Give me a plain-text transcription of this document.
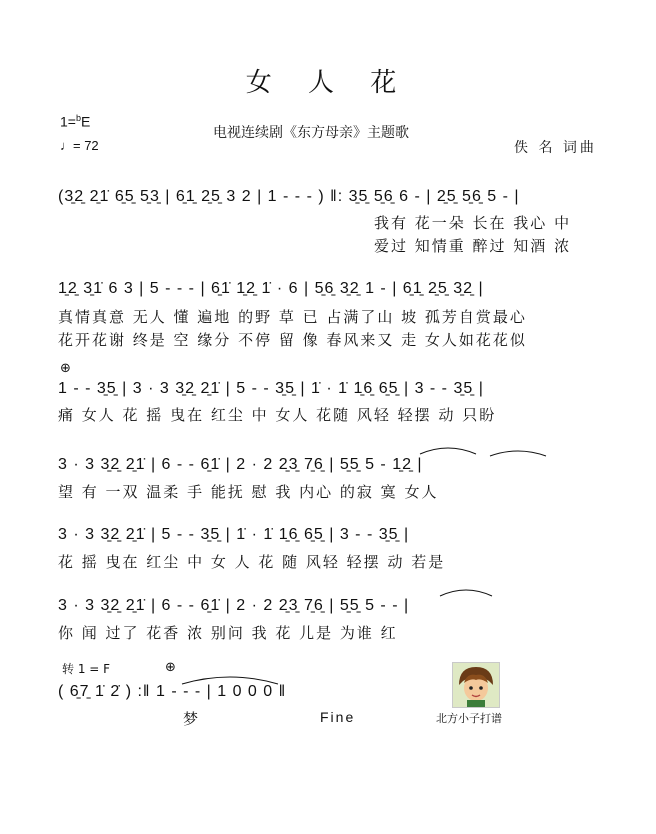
女 人 花
1=$^b$E
♩= 72
电视连续剧《东方母亲》主题歌
佚 名 词曲
(3̱2̱ 2̱1̇ 6̱5̱ 5̱3̱ | 6̱1̱ 2̱5̱ 3 2 | 1 - - - ) ‖: 3̱5̱ 5̱6̱ 6 - | 2̱5̱ 5̱6̱ 5 - |
我有 花一朵 长在 我心 中
爱过 知情重 醉过 知酒 浓
1̱2̱ 3̱1̇ 6 3 | 5 - - - | 6̱1̇ 1̱2̱ 1̇ · 6 | 5̱6̱ 3̱2̱ 1 - | 6̱1̱ 2̱5̱ 3̱2̱ |
真情真意 无人 懂 遍地 的野 草 已 占满了山 坡 孤芳自赏最心
花开花谢 终是 空 缘分 不停 留 像 春风来又 走 女人如花花似
⊕
1 - - 3̱5̱ | 3 · 3 3̱2̱ 2̱1̇ | 5 - - 3̱5̱ | 1̇ · 1̇ 1̱6̱ 6̱5̱ | 3 - - 3̱5̱ |
痛 女人 花 摇 曳在 红尘 中 女人 花随 风轻 轻摆 动 只盼
3 · 3 3̱2̱ 2̱1̇ | 6 - - 6̱1̇ | 2 · 2 2̱3̱ 7̱6̱ | 5̱5̱ 5 - 1̱2̱ |
望 有 一双 温柔 手 能抚 慰 我 内心 的寂 寞 女人
3 · 3 3̱2̱ 2̱1̇ | 5 - - 3̱5̱ | 1̇ · 1̇ 1̱6̱ 6̱5̱ | 3 - - 3̱5̱ |
花 摇 曳在 红尘 中 女 人 花 随 风轻 轻摆 动 若是
3 · 3 3̱2̱ 2̱1̇ | 6 - - 6̱1̇ | 2 · 2 2̱3̱ 7̱6̱ | 5̱5̱ 5 - - |
你 闻 过了 花香 浓 别问 我 花 儿是 为谁 红
转 1 = F	⊕
( 6̱7̱ 1̇ 2̇ ) :‖ 1 - - - | 1 0 0 0 ‖
梦	Fine	北方小子打谱
